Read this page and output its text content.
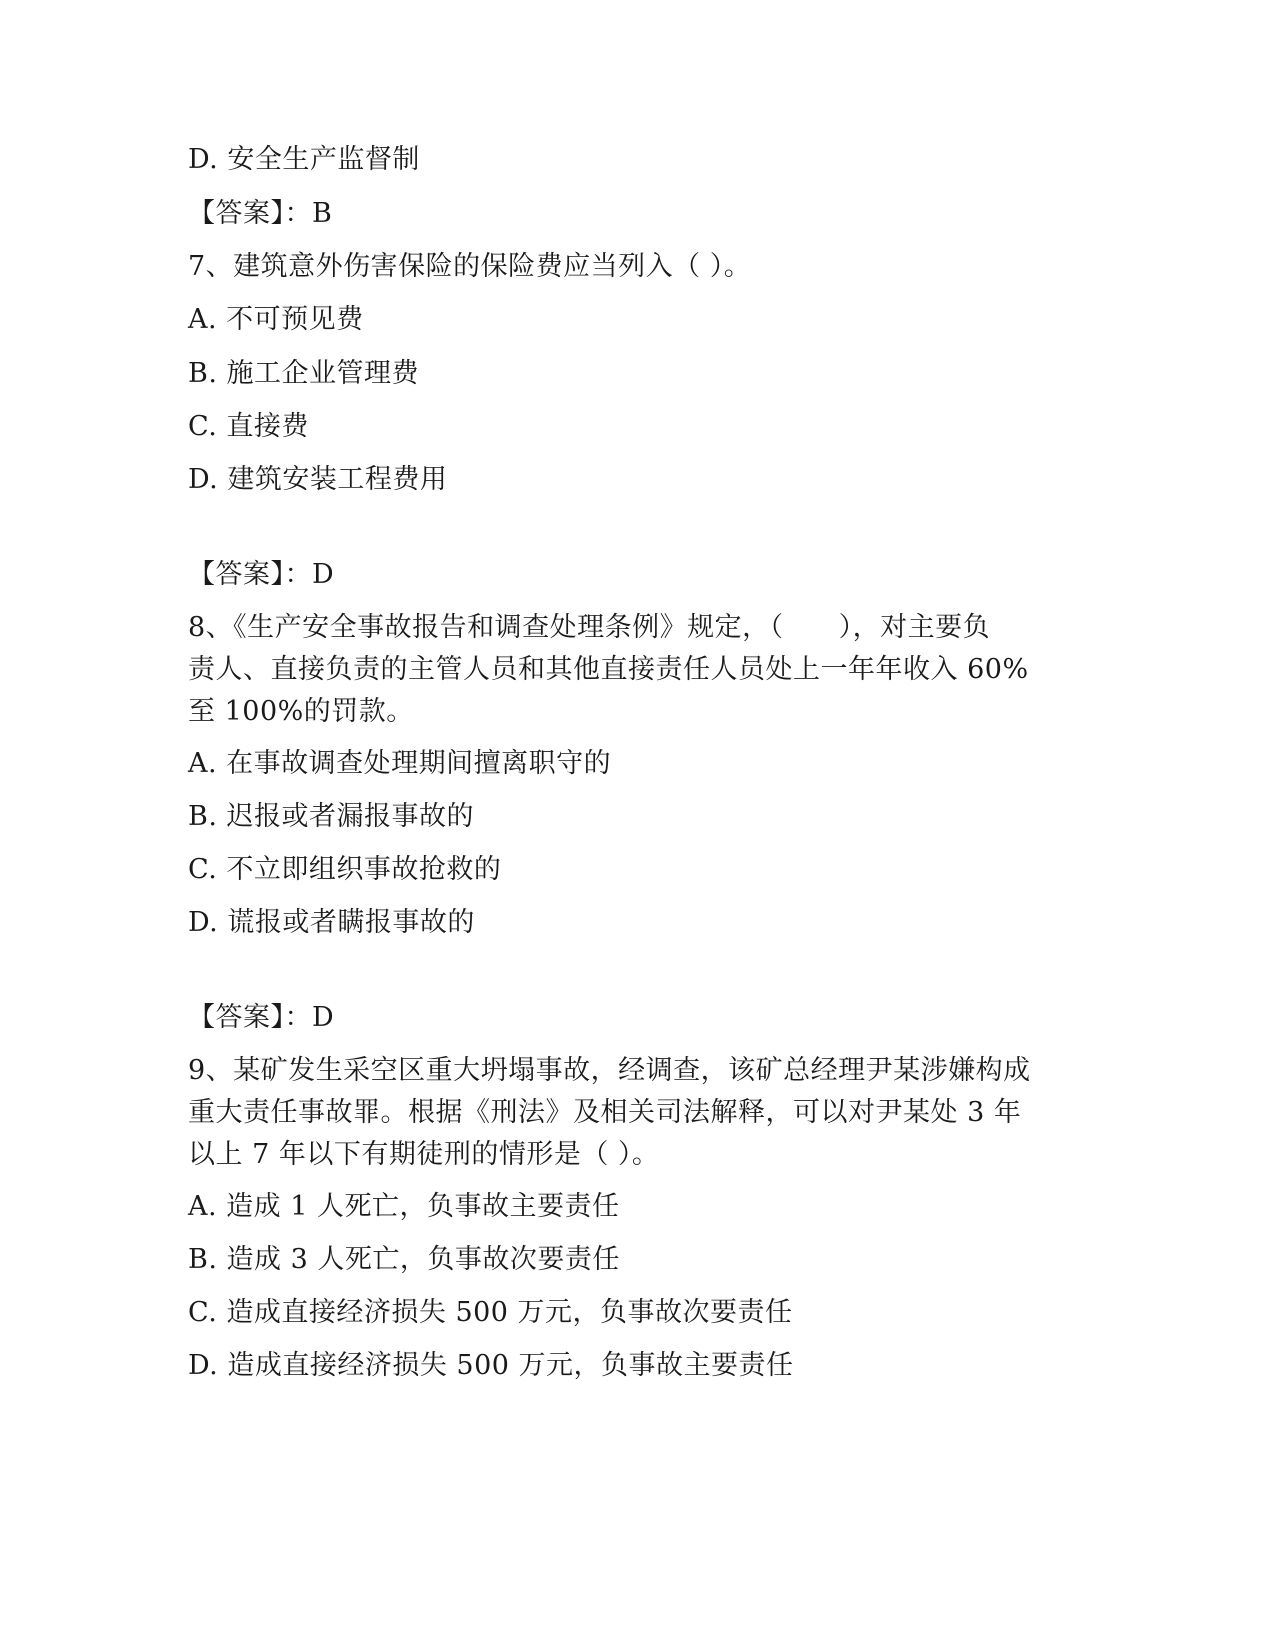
D. 安全生产监督制
【答案】：B
7、建筑意外伤害保险的保险费应当列入（ ）。
A. 不可预见费
B. 施工企业管理费
C. 直接费
D. 建筑安装工程费用
【答案】：D
8、《生产安全事故报告和调查处理条例》规定，（　　），对主要负
责人、直接负责的主管人员和其他直接责任人员处上一年年收入 60%
至 100%的罚款。
A. 在事故调查处理期间擅离职守的
B. 迟报或者漏报事故的
C. 不立即组织事故抢救的
D. 谎报或者瞒报事故的
【答案】：D
9、某矿发生采空区重大坍塌事故，经调查，该矿总经理尹某涉嫌构成
重大责任事故罪。根据《刑法》及相关司法解释，可以对尹某处 3 年
以上 7 年以下有期徒刑的情形是（ ）。
A. 造成 1 人死亡，负事故主要责任
B. 造成 3 人死亡，负事故次要责任
C. 造成直接经济损失 500 万元，负事故次要责任
D. 造成直接经济损失 500 万元，负事故主要责任
